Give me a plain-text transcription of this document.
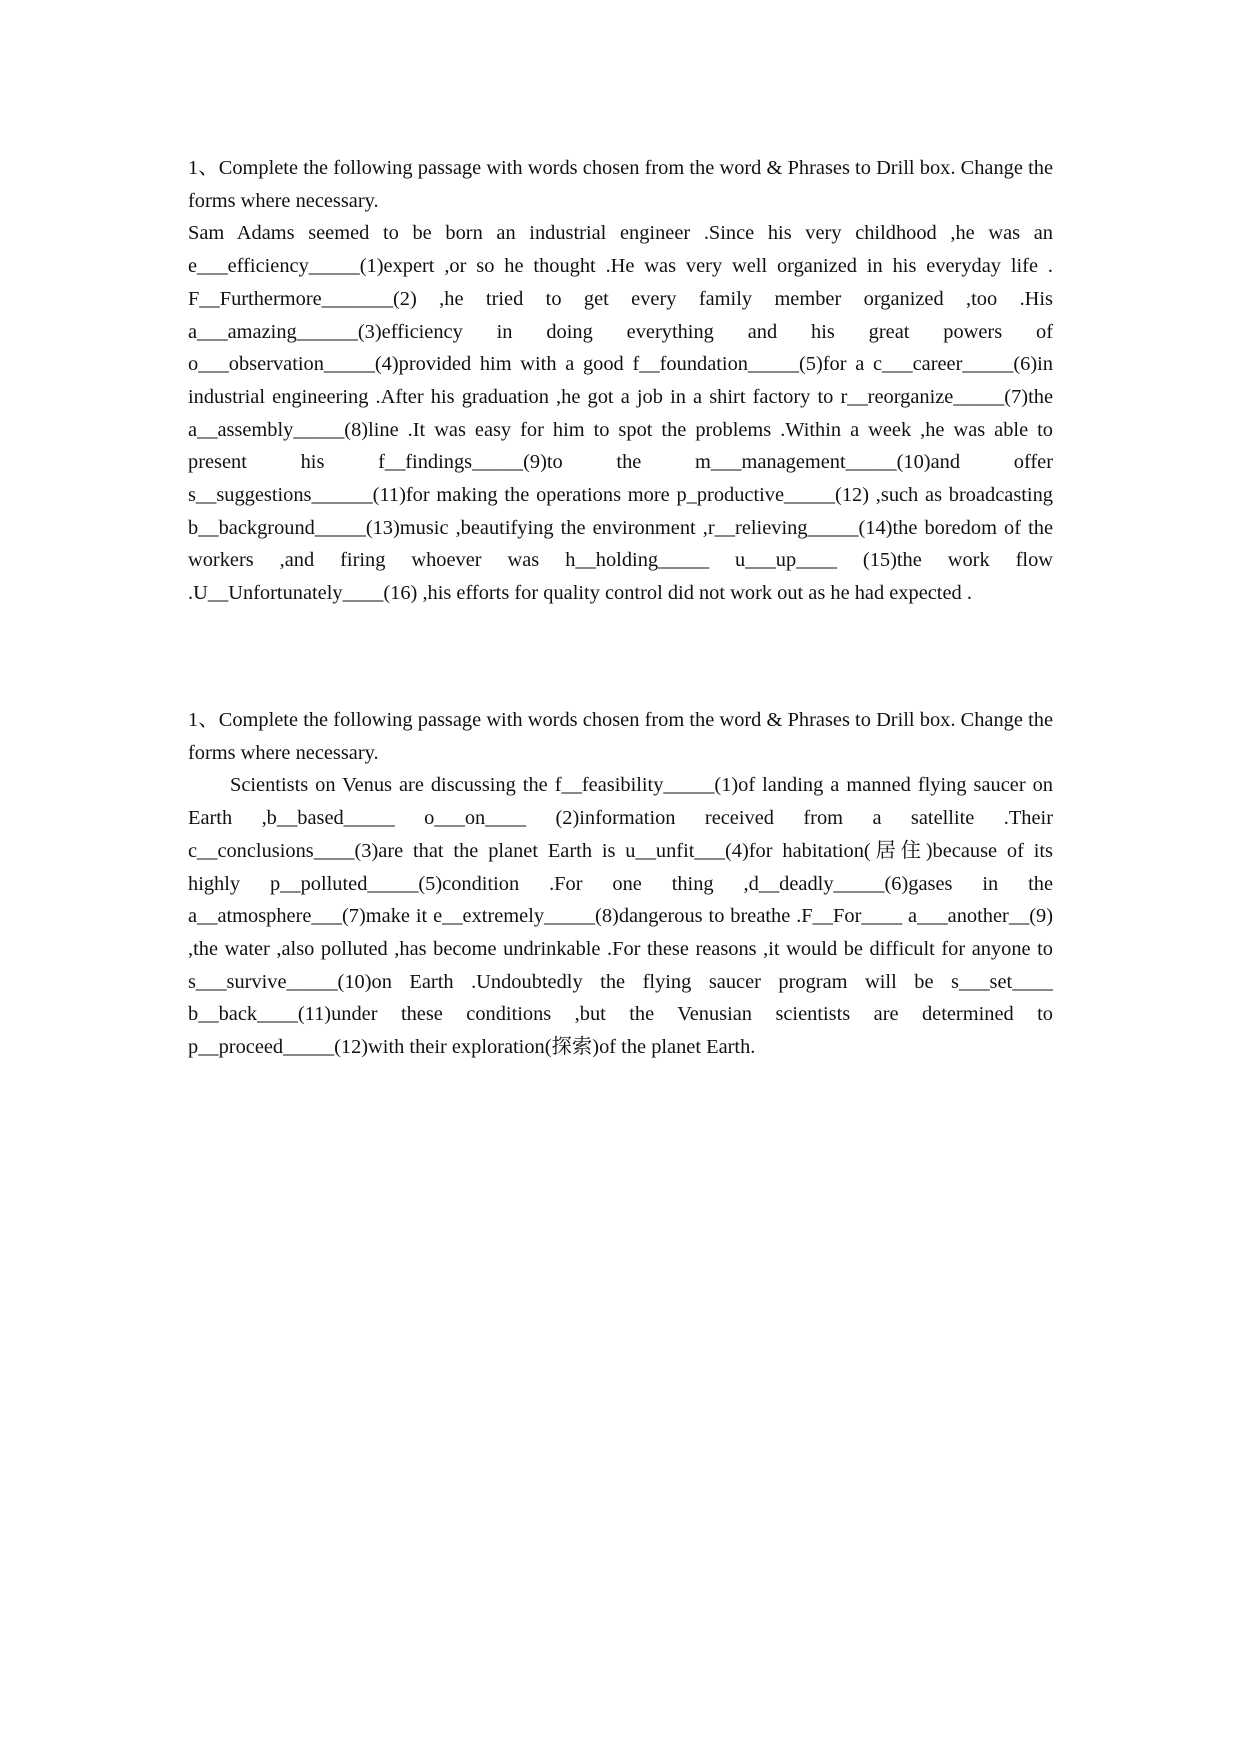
1、Complete the following passage with words chosen from the word & Phrases to Drill box. Change the forms where necessary.

Sam Adams seemed to be born an industrial engineer .Since his very childhood ,he was an e___efficiency_____(1)expert ,or so he thought .He was very well organized in his everyday life . F__Furthermore_______(2) ,he tried to get every family member organized ,too .His a___amazing______(3)efficiency in doing everything and his great powers of o___observation_____(4)provided him with a good f__foundation_____(5)for a c___career_____(6)in industrial engineering .After his graduation ,he got a job in a shirt factory to r__reorganize_____(7)the a__assembly_____(8)line .It was easy for him to spot the problems .Within a week ,he was able to present his f__findings_____(9)to the m___management_____(10)and offer s__suggestions______(11)for making the operations more p_productive_____(12) ,such as broadcasting b__background_____(13)music ,beautifying the environment ,r__relieving_____(14)the boredom of the workers ,and firing whoever was h__holding_____ u___up____ (15)the work flow .U__Unfortunately____(16) ,his efforts for quality control did not work out as he had expected .

1、Complete the following passage with words chosen from the word & Phrases to Drill box. Change the forms where necessary.

Scientists on Venus are discussing the f__feasibility_____(1)of landing a manned flying saucer on Earth ,b__based_____ o___on____ (2)information received from a satellite .Their c__conclusions____(3)are that the planet Earth is u__unfit___(4)for habitation(居住)because of its highly p__polluted_____(5)condition .For one thing ,d__deadly_____(6)gases in the a__atmosphere___(7)make it e__extremely_____(8)dangerous to breathe .F__For____ a___another__(9) ,the water ,also polluted ,has become undrinkable .For these reasons ,it would be difficult for anyone to s___survive_____(10)on Earth .Undoubtedly the flying saucer program will be s___set____ b__back____(11)under these conditions ,but the Venusian scientists are determined to p__proceed_____(12)with their exploration(探索)of the planet Earth.
